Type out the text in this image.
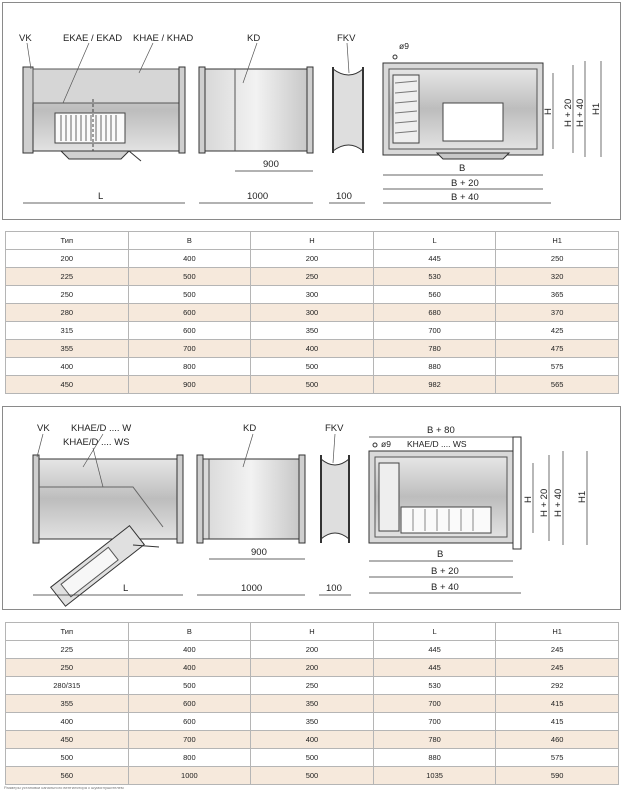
VK	EKAE / EKAD KHAE / KHAD	KD	FKV
ø9
L	1000	100
900	B
B + 20
B + 40
H H + 20 H + 40 H1
Тип	B	H	L	H1
200	400	200	445	250
225	500	250	530	320
250	500	300	560	365
280	600	300	680	370
315	600	350	700	425
355	700	400	780	475
400	800	500	880	575
450	900	500	982	565
VK KHAE/D .... W
KHAE/D .... WS
KD	FKV
ø9 KHAE/D .... WS
B + 80
L	1000	100
900	B
B + 20
B + 40
H H + 20 H + 40 H1
Тип	B	H	L	H1
225	400	200	445	245
250	400	200	445	245
280/315	500	250	530	292
355	600	350	700	415
400	600	350	700	415
450	700	400	780	460
500	800	500	880	575
560	1000	500	1035	590
Размеры установки канального вентилятора с шумоглушителем
